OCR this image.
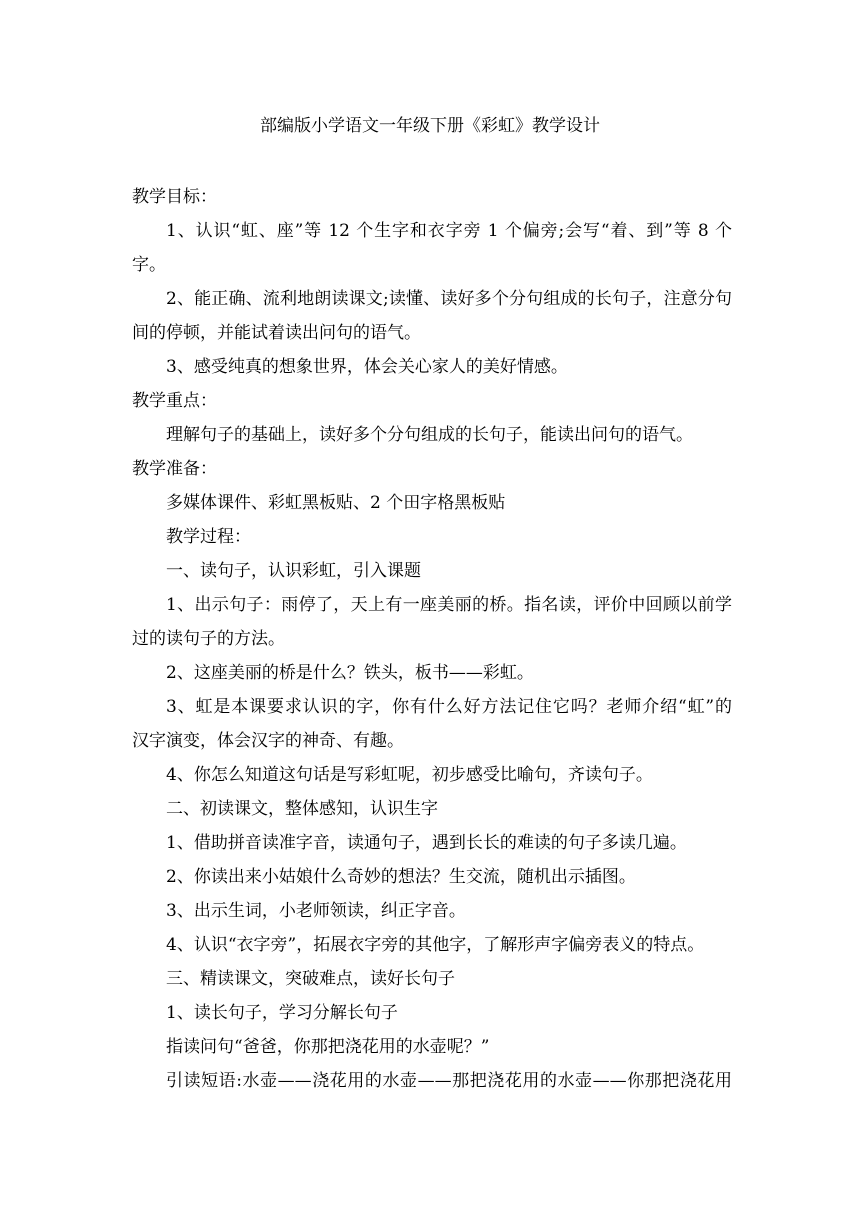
部编版小学语文一年级下册《彩虹》教学设计
教学目标：
1、认识“虹、座”等 12 个生字和衣字旁 1 个偏旁;会写“着、到”等 8 个
字。
2、能正确、流利地朗读课文;读懂、读好多个分句组成的长句子，注意分句
间的停顿，并能试着读出问句的语气。
3、感受纯真的想象世界，体会关心家人的美好情感。
教学重点：
理解句子的基础上，读好多个分句组成的长句子，能读出问句的语气。
教学准备：
多媒体课件、彩虹黑板贴、2 个田字格黑板贴
教学过程：
一、读句子，认识彩虹，引入课题
1、出示句子：雨停了，天上有一座美丽的桥。指名读，评价中回顾以前学
过的读句子的方法。
2、这座美丽的桥是什么？铁头，板书——彩虹。
3、虹是本课要求认识的字，你有什么好方法记住它吗？老师介绍“虹”的
汉字演变，体会汉字的神奇、有趣。
4、你怎么知道这句话是写彩虹呢，初步感受比喻句，齐读句子。
二、初读课文，整体感知，认识生字
1、借助拼音读准字音，读通句子，遇到长长的难读的句子多读几遍。
2、你读出来小姑娘什么奇妙的想法？生交流，随机出示插图。
3、出示生词，小老师领读，纠正字音。
4、认识“衣字旁”，拓展衣字旁的其他字，了解形声字偏旁表义的特点。
三、精读课文，突破难点，读好长句子
1、读长句子，学习分解长句子
指读问句“爸爸，你那把浇花用的水壶呢？”
引读短语:水壶——浇花用的水壶——那把浇花用的水壶——你那把浇花用
